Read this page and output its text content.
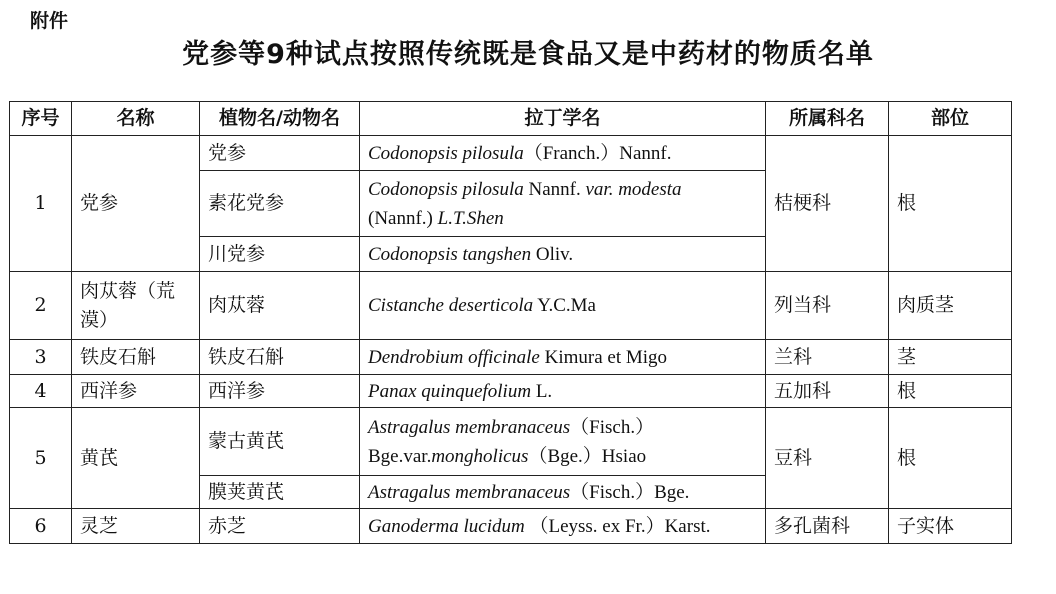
附件
党参等9种试点按照传统既是食品又是中药材的物质名单
序号	名称	植物名/动物名	拉丁学名	所属科名	部位
1	党参	党参	Codonopsis pilosula（Franch.）Nannf.	桔梗科	根
		素花党参	Codonopsis pilosula Nannf. var. modesta
(Nannf.) L.T.Shen		
		川党参	Codonopsis tangshen Oliv.		
2	肉苁蓉（荒漠）	肉苁蓉	Cistanche deserticola Y.C.Ma	列当科	肉质茎
3	铁皮石斛	铁皮石斛	Dendrobium officinale Kimura et Migo	兰科	茎
4	西洋参	西洋参	Panax quinquefolium L.	五加科	根
5	黄芪	蒙古黄芪	Astragalus membranaceus（Fisch.）
Bge.var.mongholicus（Bge.）Hsiao	豆科	根
		膜荚黄芪	Astragalus membranaceus（Fisch.）Bge.		
6	灵芝	赤芝	Ganoderma lucidum （Leyss. ex Fr.）Karst.	多孔菌科	子实体
